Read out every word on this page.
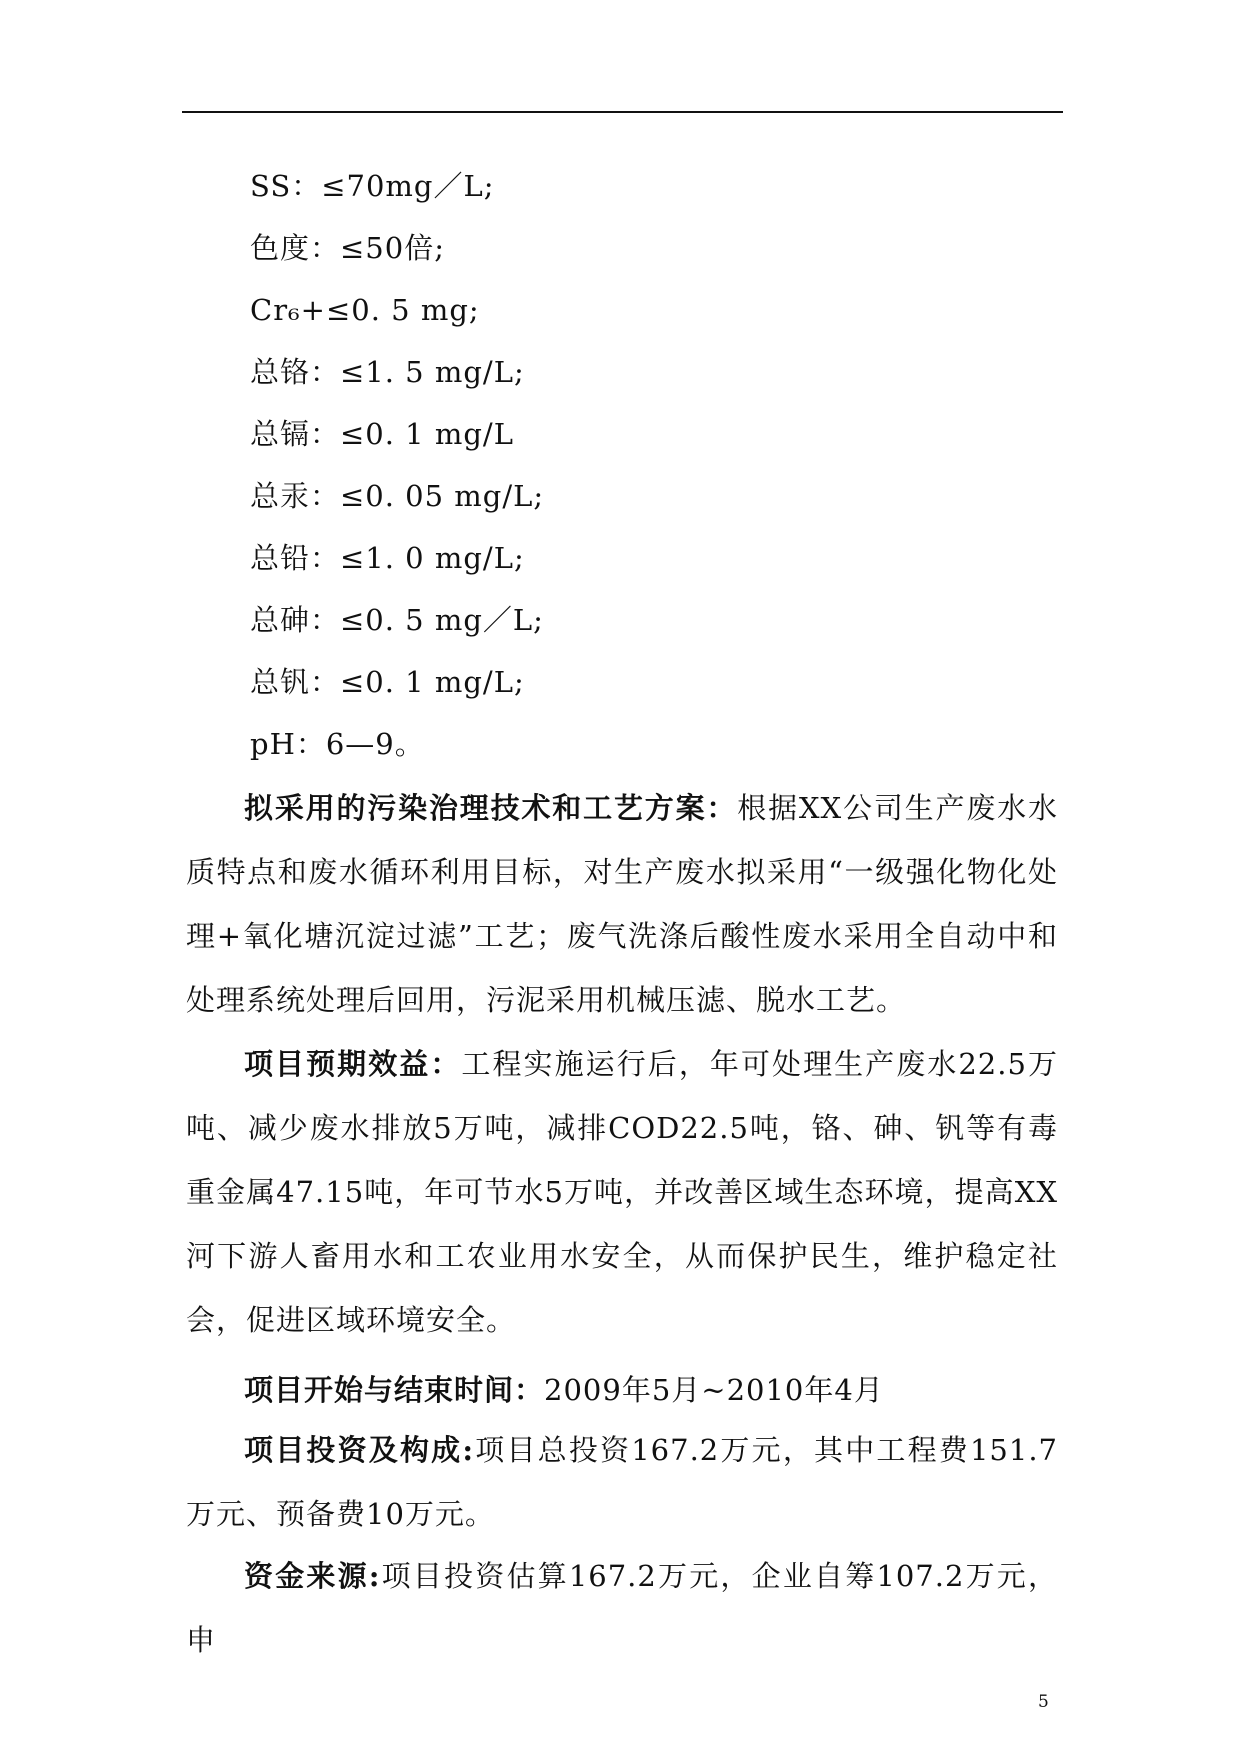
SS：≤70mg／L;
色度：≤50倍;
Cr₆+≤0. 5 mg;
总铬：≤1. 5 mg/L;
总镉：≤0. 1 mg/L
总汞：≤0. 05 mg/L;
总铅：≤1. 0 mg/L;
总砷：≤0. 5 mg／L;
总钒：≤0. 1 mg/L;
pH：6—9。

拟采用的污染治理技术和工艺方案：根据XX公司生产废水水质特点和废水循环利用目标，对生产废水拟采用“一级强化物化处理+氧化塘沉淀过滤”工艺；废气洗涤后酸性废水采用全自动中和处理系统处理后回用，污泥采用机械压滤、脱水工艺。

项目预期效益：工程实施运行后，年可处理生产废水22.5万吨、减少废水排放5万吨，减排COD22.5吨，铬、砷、钒等有毒重金属47.15吨，年可节水5万吨，并改善区域生态环境，提高XX河下游人畜用水和工农业用水安全，从而保护民生，维护稳定社会，促进区域环境安全。

项目开始与结束时间：2009年5月~2010年4月

项目投资及构成:项目总投资167.2万元，其中工程费151.7万元、预备费10万元。

资金来源:项目投资估算167.2万元，企业自筹107.2万元，申

5
